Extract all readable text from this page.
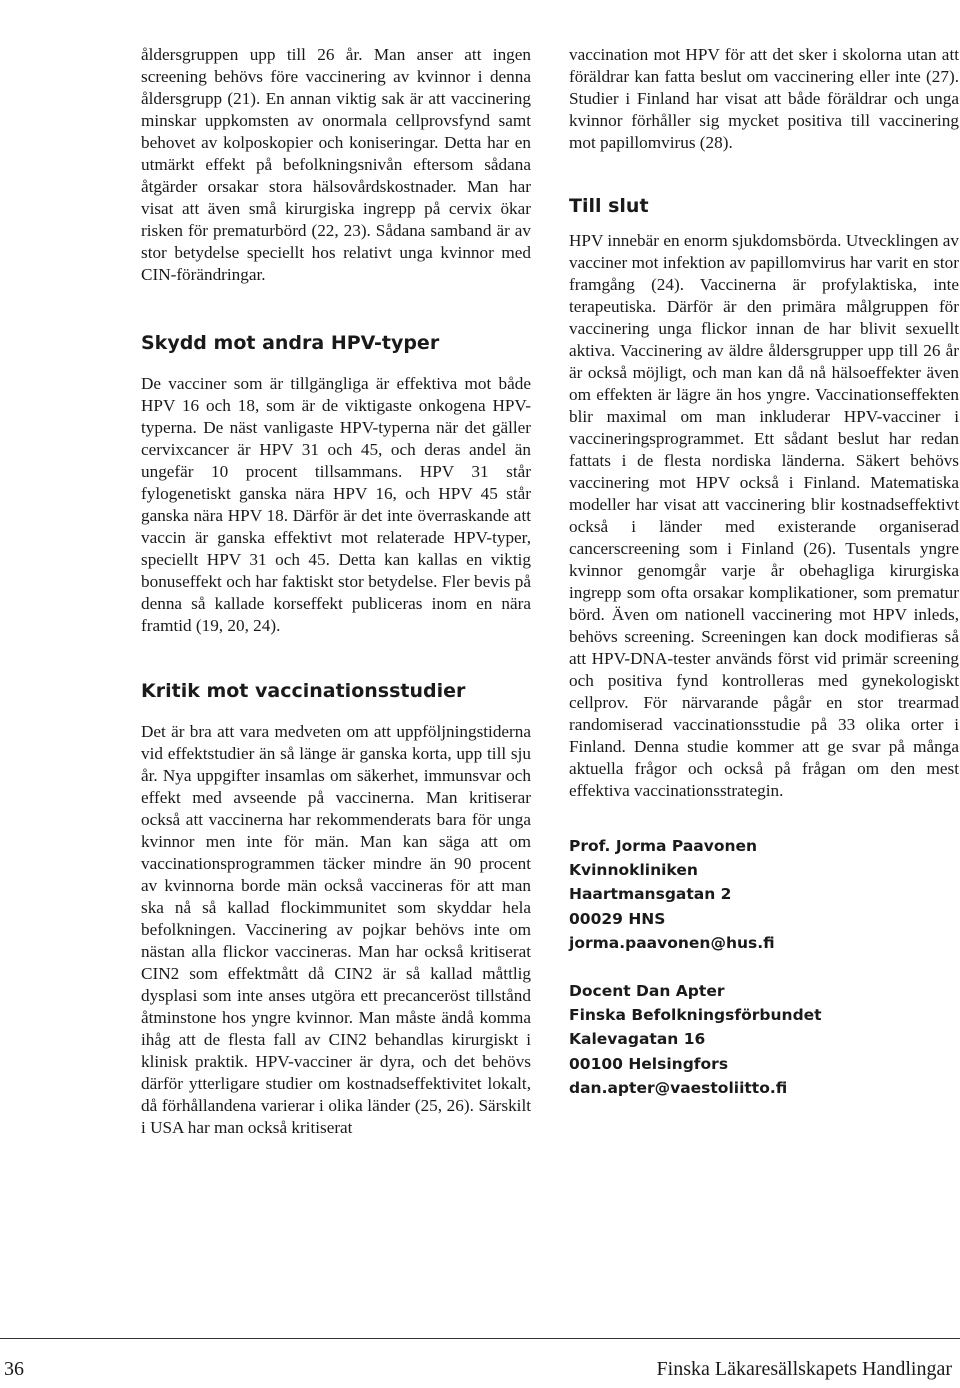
åldersgruppen upp till 26 år. Man anser att ingen screening behövs före vaccinering av kvinnor i denna åldersgrupp (21). En annan viktig sak är att vaccinering minskar uppkomsten av onormala cellprovsfynd samt behovet av kolposkopier och koniseringar. Detta har en utmärkt effekt på befolkningsnivån eftersom sådana åtgärder orsakar stora hälsovårdskostnader. Man har visat att även små kirurgiska ingrepp på cervix ökar risken för prematurbörd (22, 23). Sådana samband är av stor betydelse speciellt hos relativt unga kvinnor med CIN-förändringar.

Skydd mot andra HPV-typer

De vacciner som är tillgängliga är effektiva mot både HPV 16 och 18, som är de viktigaste onkogena HPV-typerna. De näst vanligaste HPV-typerna när det gäller cervixcancer är HPV 31 och 45, och deras andel än ungefär 10 procent tillsammans. HPV 31 står fylogenetiskt ganska nära HPV 16, och HPV 45 står ganska nära HPV 18. Därför är det inte överraskande att vaccin är ganska effektivt mot relaterade HPV-typer, speciellt HPV 31 och 45. Detta kan kallas en viktig bonuseffekt och har faktiskt stor betydelse. Fler bevis på denna så kallade korseffekt publiceras inom en nära framtid (19, 20, 24).

Kritik mot vaccinationsstudier

Det är bra att vara medveten om att uppföljningstiderna vid effektstudier än så länge är ganska korta, upp till sju år. Nya uppgifter insamlas om säkerhet, immunsvar och effekt med avseende på vaccinerna. Man kritiserar också att vaccinerna har rekommenderats bara för unga kvinnor men inte för män. Man kan säga att om vaccinationsprogrammen täcker mindre än 90 procent av kvinnorna borde män också vaccineras för att man ska nå så kallad flockimmunitet som skyddar hela befolkningen. Vaccinering av pojkar behövs inte om nästan alla flickor vaccineras. Man har också kritiserat CIN2 som effektmått då CIN2 är så kallad måttlig dysplasi som inte anses utgöra ett precanceröst tillstånd åtminstone hos yngre kvinnor. Man måste ändå komma ihåg att de flesta fall av CIN2 behandlas kirurgiskt i klinisk praktik. HPV-vacciner är dyra, och det behövs därför ytterligare studier om kostnadseffektivitet lokalt, då förhållandena varierar i olika länder (25, 26). Särskilt i USA har man också kritiserat

vaccination mot HPV för att det sker i skolorna utan att föräldrar kan fatta beslut om vaccinering eller inte (27). Studier i Finland har visat att både föräldrar och unga kvinnor förhåller sig mycket positiva till vaccinering mot papillomvirus (28).

Till slut

HPV innebär en enorm sjukdomsbörda. Utvecklingen av vacciner mot infektion av papillomvirus har varit en stor framgång (24). Vaccinerna är profylaktiska, inte terapeutiska. Därför är den primära målgruppen för vaccinering unga flickor innan de har blivit sexuellt aktiva. Vaccinering av äldre åldersgrupper upp till 26 år är också möjligt, och man kan då nå hälsoeffekter även om effekten är lägre än hos yngre. Vaccinationseffekten blir maximal om man inkluderar HPV-vacciner i vaccineringsprogrammet. Ett sådant beslut har redan fattats i de flesta nordiska länderna. Säkert behövs vaccinering mot HPV också i Finland. Matematiska modeller har visat att vaccinering blir kostnadseffektivt också i länder med existerande organiserad cancerscreening som i Finland (26). Tusentals yngre kvinnor genomgår varje år obehagliga kirurgiska ingrepp som ofta orsakar komplikationer, som prematur börd. Även om nationell vaccinering mot HPV inleds, behövs screening. Screeningen kan dock modifieras så att HPV-DNA-tester används först vid primär screening och positiva fynd kontrolleras med gynekologiskt cellprov. För närvarande pågår en stor trearmad randomiserad vaccinationsstudie på 33 olika orter i Finland. Denna studie kommer att ge svar på många aktuella frågor och också på frågan om den mest effektiva vaccinationsstrategin.

Prof. Jorma Paavonen
Kvinnokliniken
Haartmansgatan 2
00029 HNS
jorma.paavonen@hus.fi
Docent Dan Apter
Finska Befolkningsförbundet
Kalevagatan 16
00100 Helsingfors
dan.apter@vaestoliitto.fi
36	Finska Läkaresällskapets Handlingar
